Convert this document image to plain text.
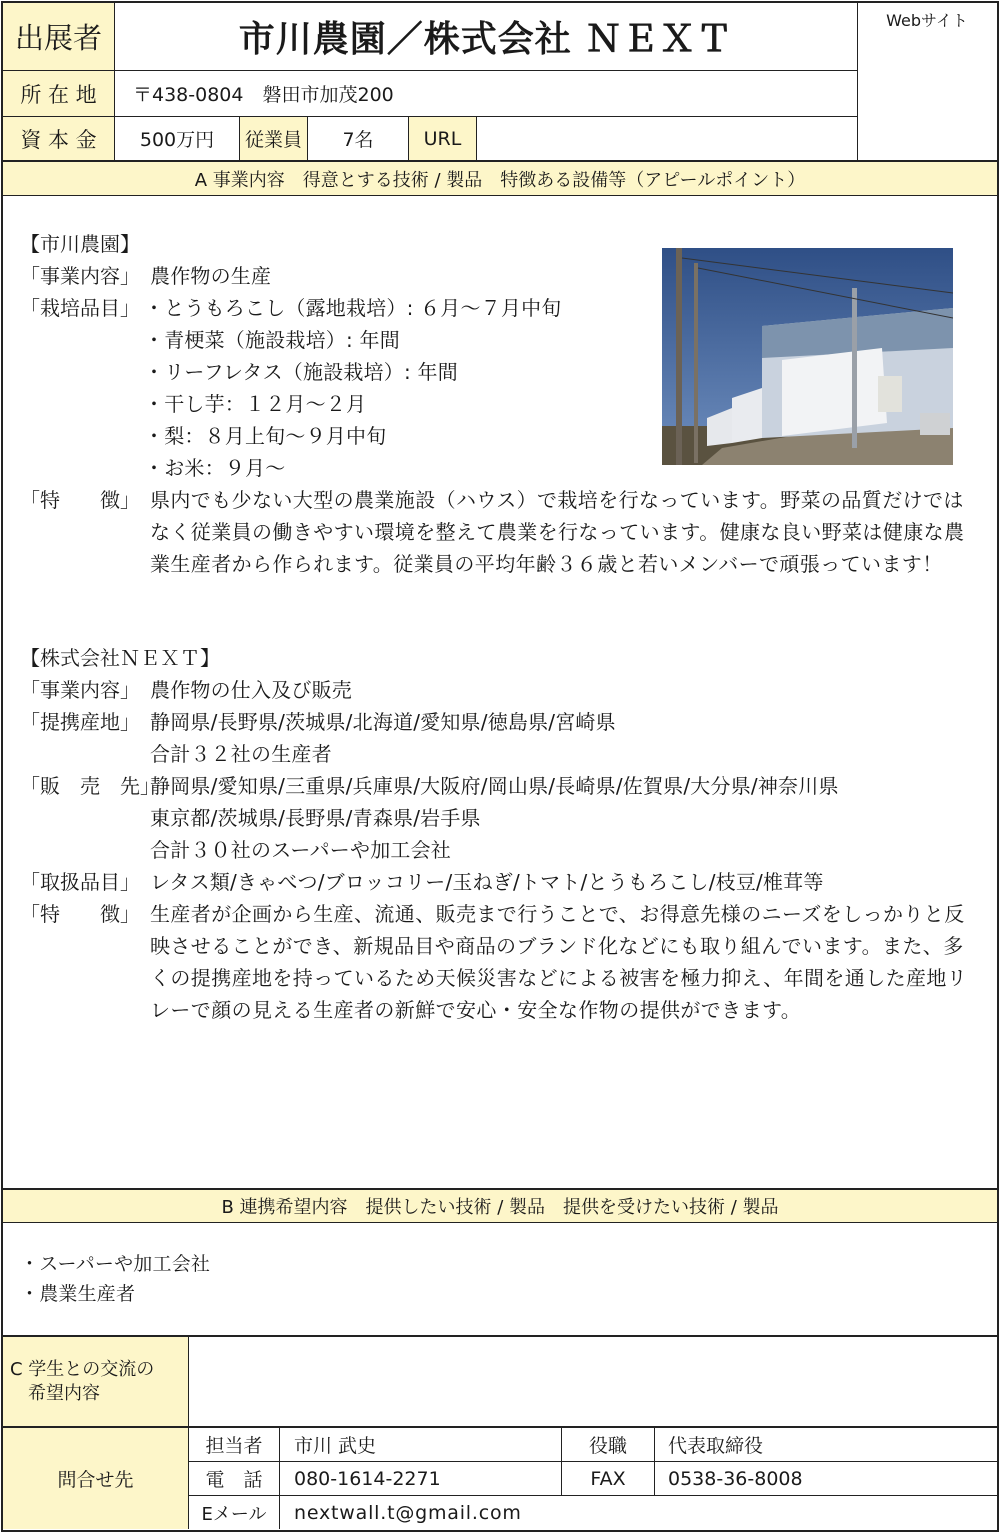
出展者	市川農園／株式会社 ＮＥＸＴ	Webサイト
所 在 地	〒438-0804　磐田市加茂200
資 本 金	500万円	従業員	7名	URL
A 事業内容　得意とする技術 / 製品　特徴ある設備等（アピールポイント）
【市川農園】
「事業内容」 農作物の生産
「栽培品目」 ・とうもろこし（露地栽培）: ６月〜７月中旬
・青梗菜（施設栽培）: 年間
・リーフレタス（施設栽培）: 年間
・干し芋：１２月〜２月
・梨：８月上旬〜９月中旬
・お米：９月〜
「特　　徴」 県内でも少ない大型の農業施設（ハウス）で栽培を行なっています。野菜の品質だけではなく従業員の働きやすい環境を整えて農業を行なっています。健康な良い野菜は健康な農業生産者から作られます。従業員の平均年齢３６歳と若いメンバーで頑張っています！
【株式会社ＮＥＸＴ】
「事業内容」 農作物の仕入及び販売
「提携産地」 静岡県/長野県/茨城県/北海道/愛知県/徳島県/宮崎県
合計３２社の生産者
「販　売　先」
静岡県/愛知県/三重県/兵庫県/大阪府/岡山県/長崎県/佐賀県/大分県/神奈川県
東京都/茨城県/長野県/青森県/岩手県
合計３０社のスーパーや加工会社
「取扱品目」 レタス類/きゃべつ/ブロッコリー/玉ねぎ/トマト/とうもろこし/枝豆/椎茸等
「特　　徴」 生産者が企画から生産、流通、販売まで行うことで、お得意先様のニーズをしっかりと反映させることができ、新規品目や商品のブランド化などにも取り組んでいます。また、多くの提携産地を持っているため天候災害などによる被害を極力抑え、年間を通した産地リレーで顔の見える生産者の新鮮で安心・安全な作物の提供ができます。
B 連携希望内容　提供したい技術 / 製品　提供を受けたい技術 / 製品
・スーパーや加工会社
・農業生産者
C 学生との交流の
希望内容
問合せ先
担当者	市川 武史	役職	代表取締役
電　話	080-1614-2271	FAX	0538-36-8008
Eメール	nextwall.t@gmail.com
